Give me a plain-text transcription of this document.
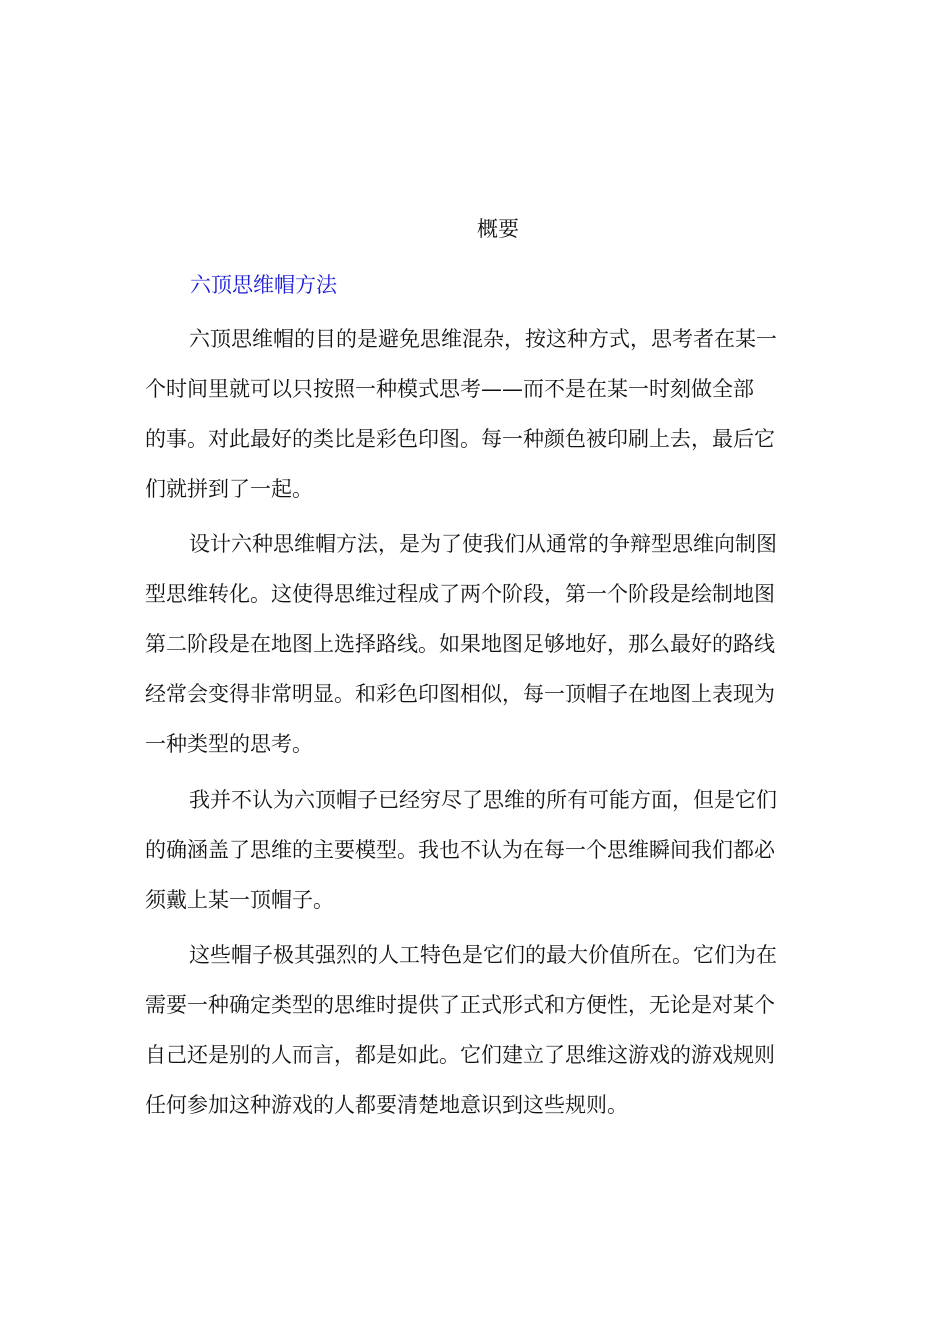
概要
六顶思维帽方法
六顶思维帽的目的是避免思维混杂，按这种方式，思考者在某一
个时间里就可以只按照一种模式思考——而不是在某一时刻做全部
的事。对此最好的类比是彩色印图。每一种颜色被印刷上去，最后它
们就拼到了一起。
设计六种思维帽方法，是为了使我们从通常的争辩型思维向制图
型思维转化。这使得思维过程成了两个阶段，第一个阶段是绘制地图
第二阶段是在地图上选择路线。如果地图足够地好，那么最好的路线
经常会变得非常明显。和彩色印图相似，每一顶帽子在地图上表现为
一种类型的思考。
我并不认为六顶帽子已经穷尽了思维的所有可能方面，但是它们
的确涵盖了思维的主要模型。我也不认为在每一个思维瞬间我们都必
须戴上某一顶帽子。
这些帽子极其强烈的人工特色是它们的最大价值所在。它们为在
需要一种确定类型的思维时提供了正式形式和方便性，无论是对某个
自己还是别的人而言，都是如此。它们建立了思维这游戏的游戏规则
任何参加这种游戏的人都要清楚地意识到这些规则。
